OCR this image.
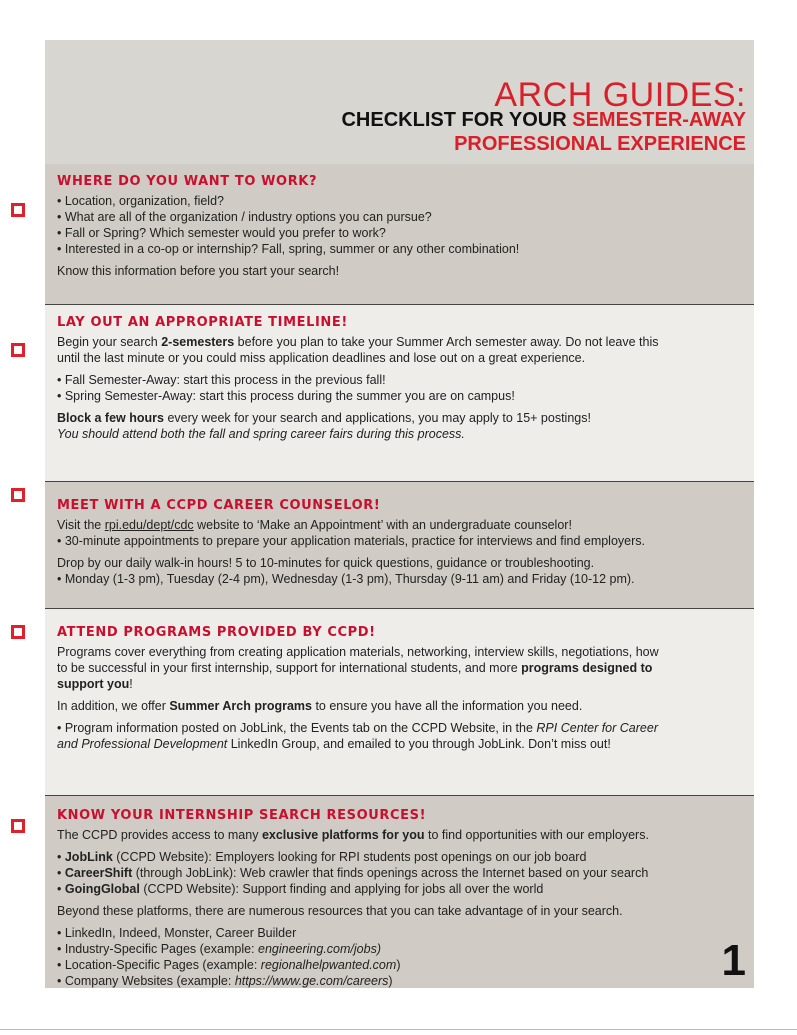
ARCH GUIDES:
CHECKLIST FOR YOUR SEMESTER-AWAY
PROFESSIONAL EXPERIENCE
WHERE DO YOU WANT TO WORK?

• Location, organization, field?

• What are all of the organization / industry options you can pursue?

• Fall or Spring? Which semester would you prefer to work?

• Interested in a co-op or internship? Fall, spring, summer or any other combination!

Know this information before you start your search!

LAY OUT AN APPROPRIATE TIMELINE!

Begin your search 2-semesters before you plan to take your Summer Arch semester away. Do not leave this

until the last minute or you could miss application deadlines and lose out on a great experience.

• Fall Semester-Away: start this process in the previous fall!

• Spring Semester-Away: start this process during the summer you are on campus!

Block a few hours every week for your search and applications, you may apply to 15+ postings!

You should attend both the fall and spring career fairs during this process.

MEET WITH A CCPD CAREER COUNSELOR!

Visit the rpi.edu/dept/cdc website to ‘Make an Appointment’ with an undergraduate counselor!

• 30-minute appointments to prepare your application materials, practice for interviews and find employers.

Drop by our daily walk-in hours! 5 to 10-minutes for quick questions, guidance or troubleshooting.

• Monday (1-3 pm), Tuesday (2-4 pm), Wednesday (1-3 pm), Thursday (9-11 am) and Friday (10-12 pm).

ATTEND PROGRAMS PROVIDED BY CCPD!

Programs cover everything from creating application materials, networking, interview skills, negotiations, how

to be successful in your first internship, support for international students, and more programs designed to

support you!

In addition, we offer Summer Arch programs to ensure you have all the information you need.

• Program information posted on JobLink, the Events tab on the CCPD Website, in the RPI Center for Career

and Professional Development LinkedIn Group, and emailed to you through JobLink. Don’t miss out!

KNOW YOUR INTERNSHIP SEARCH RESOURCES!

The CCPD provides access to many exclusive platforms for you to find opportunities with our employers.

• JobLink (CCPD Website): Employers looking for RPI students post openings on our job board

• CareerShift (through JobLink): Web crawler that finds openings across the Internet based on your search

• GoingGlobal (CCPD Website): Support finding and applying for jobs all over the world

Beyond these platforms, there are numerous resources that you can take advantage of in your search.

• LinkedIn, Indeed, Monster, Career Builder

• Industry-Specific Pages (example: engineering.com/jobs)

• Location-Specific Pages (example: regionalhelpwanted.com)

• Company Websites (example: https://www.ge.com/careers)	1
